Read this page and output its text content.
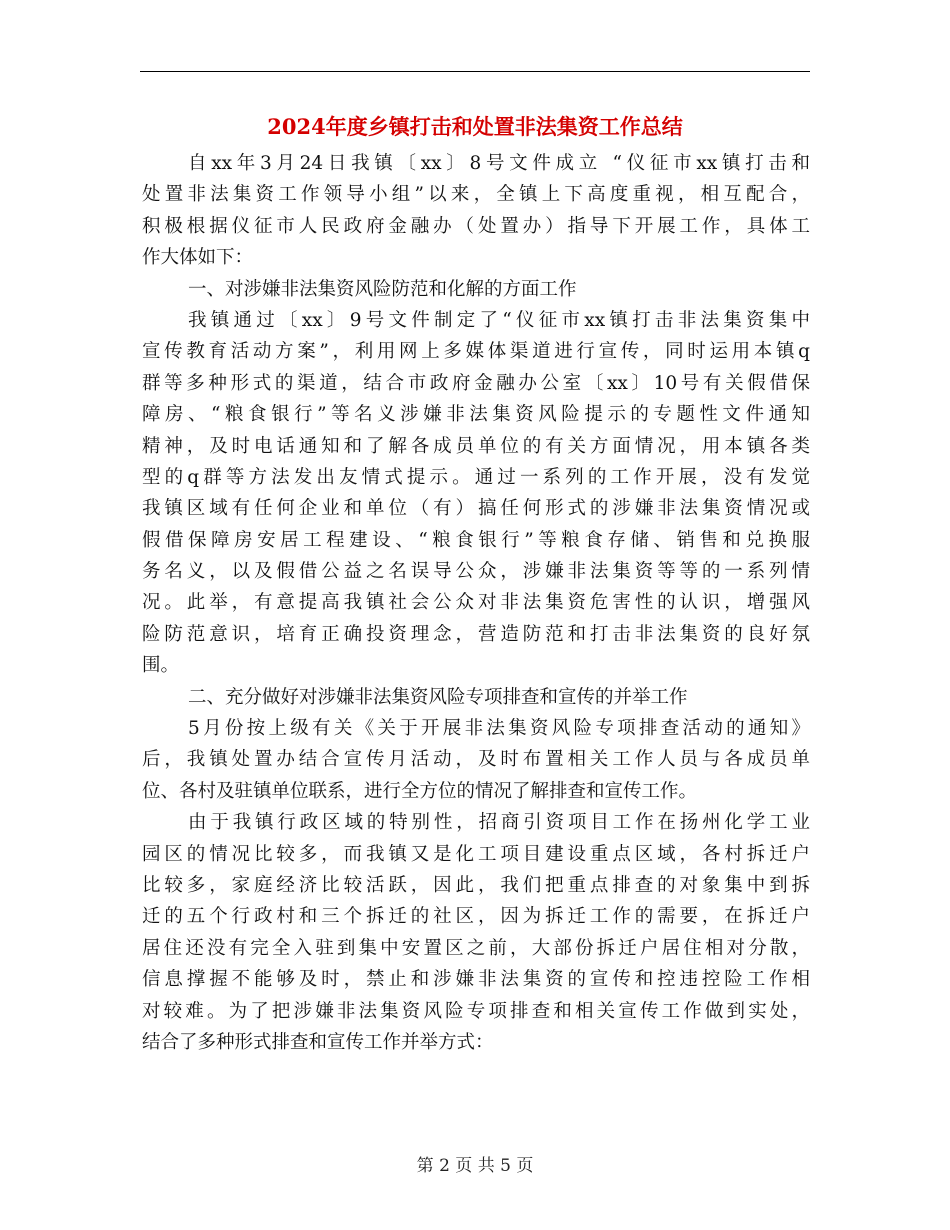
2024年度乡镇打击和处置非法集资工作总结
自xx年3月24日我镇〔xx〕8号文件成立 “仪征市xx镇打击和
处置非法集资工作领导小组”以来，全镇上下高度重视，相互配合，
积极根据仪征市人民政府金融办（处置办）指导下开展工作，具体工
作大体如下：
一、对涉嫌非法集资风险防范和化解的方面工作
我镇通过〔xx〕9号文件制定了“仪征市xx镇打击非法集资集中
宣传教育活动方案”，利用网上多媒体渠道进行宣传，同时运用本镇q
群等多种形式的渠道，结合市政府金融办公室〔xx〕10号有关假借保
障房、“粮食银行”等名义涉嫌非法集资风险提示的专题性文件通知
精神，及时电话通知和了解各成员单位的有关方面情况，用本镇各类
型的q群等方法发出友情式提示。通过一系列的工作开展，没有发觉
我镇区域有任何企业和单位（有）搞任何形式的涉嫌非法集资情况或
假借保障房安居工程建设、“粮食银行”等粮食存储、销售和兑换服
务名义，以及假借公益之名误导公众，涉嫌非法集资等等的一系列情
况。此举，有意提高我镇社会公众对非法集资危害性的认识，增强风
险防范意识，培育正确投资理念，营造防范和打击非法集资的良好氛
围。
二、充分做好对涉嫌非法集资风险专项排查和宣传的并举工作
5月份按上级有关《关于开展非法集资风险专项排查活动的通知》
后，我镇处置办结合宣传月活动，及时布置相关工作人员与各成员单
位、各村及驻镇单位联系，进行全方位的情况了解排查和宣传工作。
由于我镇行政区域的特别性，招商引资项目工作在扬州化学工业
园区的情况比较多，而我镇又是化工项目建设重点区域，各村拆迁户
比较多，家庭经济比较活跃，因此，我们把重点排查的对象集中到拆
迁的五个行政村和三个拆迁的社区，因为拆迁工作的需要，在拆迁户
居住还没有完全入驻到集中安置区之前，大部份拆迁户居住相对分散，
信息撑握不能够及时，禁止和涉嫌非法集资的宣传和控违控险工作相
对较难。为了把涉嫌非法集资风险专项排查和相关宣传工作做到实处，
结合了多种形式排查和宣传工作并举方式：
第 2 页 共 5 页
